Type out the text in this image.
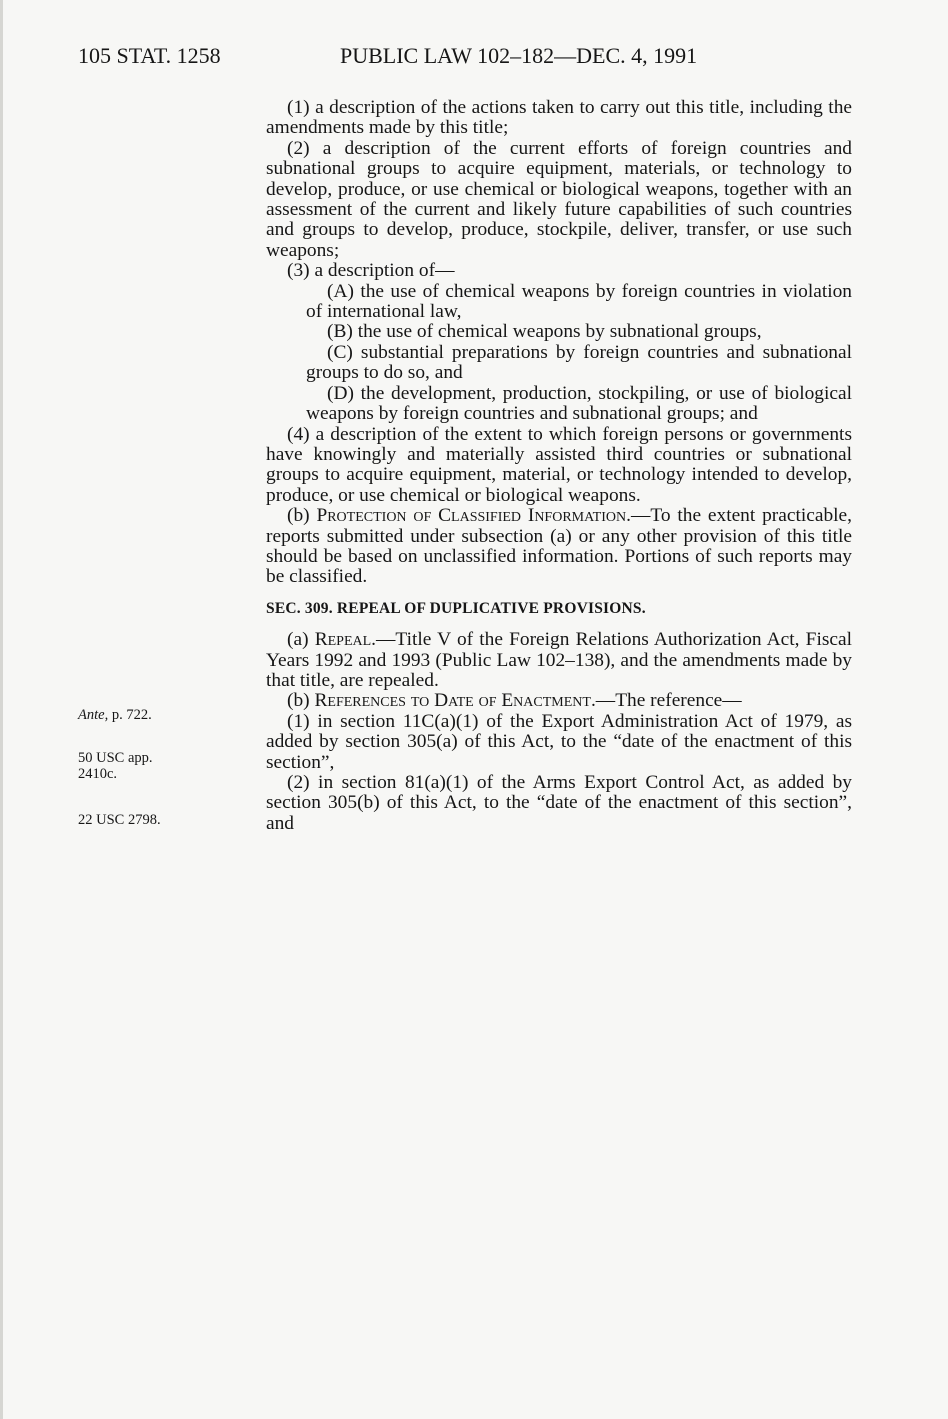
105 STAT. 1258	PUBLIC LAW 102–182—DEC. 4, 1991
Ante, p. 722.
50 USC app.
2410c.
22 USC 2798.

(1) a description of the actions taken to carry out this title, including the amendments made by this title;

(2) a description of the current efforts of foreign countries and subnational groups to acquire equipment, materials, or technology to develop, produce, or use chemical or biological weapons, together with an assessment of the current and likely future capabilities of such countries and groups to develop, produce, stockpile, deliver, transfer, or use such weapons;

(3) a description of—

(A) the use of chemical weapons by foreign countries in violation of international law,

(B) the use of chemical weapons by subnational groups,

(C) substantial preparations by foreign countries and subnational groups to do so, and

(D) the development, production, stockpiling, or use of biological weapons by foreign countries and subnational groups; and

(4) a description of the extent to which foreign persons or governments have knowingly and materially assisted third countries or subnational groups to acquire equipment, material, or technology intended to develop, produce, or use chemical or biological weapons.

(b) Protection of Classified Information.—To the extent practicable, reports submitted under subsection (a) or any other provision of this title should be based on unclassified information. Portions of such reports may be classified.

SEC. 309. REPEAL OF DUPLICATIVE PROVISIONS.

(a) Repeal.—Title V of the Foreign Relations Authorization Act, Fiscal Years 1992 and 1993 (Public Law 102–138), and the amendments made by that title, are repealed.

(b) References to Date of Enactment.—The reference—

(1) in section 11C(a)(1) of the Export Administration Act of 1979, as added by section 305(a) of this Act, to the “date of the enactment of this section”,

(2) in section 81(a)(1) of the Arms Export Control Act, as added by section 305(b) of this Act, to the “date of the enactment of this section”, and
